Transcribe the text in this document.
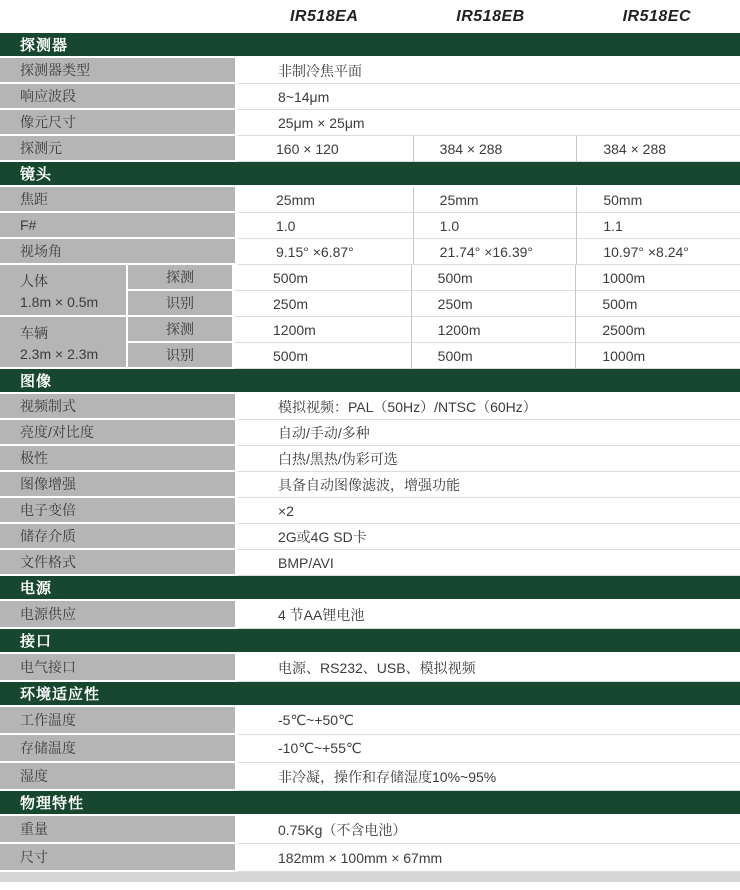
IR518EA	IR518EB	IR518EC
探测器
探测器类型	非制冷焦平面
响应波段	8~14μm
像元尺寸	25μm × 25μm
探测元	160 × 120	384 × 288	384 × 288
镜头
焦距	25mm	25mm	50mm
F#	1.0	1.0	1.1
视场角	9.15° ×6.87°	21.74° ×16.39°	10.97° ×8.24°
人体
1.8m × 0.5m
探测	500m	500m	1000m
识别	250m	250m	500m
车辆
2.3m × 2.3m
探测	1200m	1200m	2500m
识别	500m	500m	1000m
图像
视频制式	模拟视频：PAL（50Hz）/NTSC（60Hz）
亮度/对比度	自动/手动/多种
极性	白热/黑热/伪彩可选
图像增强	具备自动图像滤波，增强功能
电子变倍	×2
储存介质	2G或4G SD卡
文件格式	BMP/AVI
电源
电源供应	4 节AA锂电池
接口
电气接口	电源、RS232、USB、模拟视频
环境适应性
工作温度	-5℃~+50℃
存储温度	-10℃~+55℃
湿度	非冷凝，操作和存储湿度10%~95%
物理特性
重量	0.75Kg（不含电池）
尺寸	182mm × 100mm × 67mm
